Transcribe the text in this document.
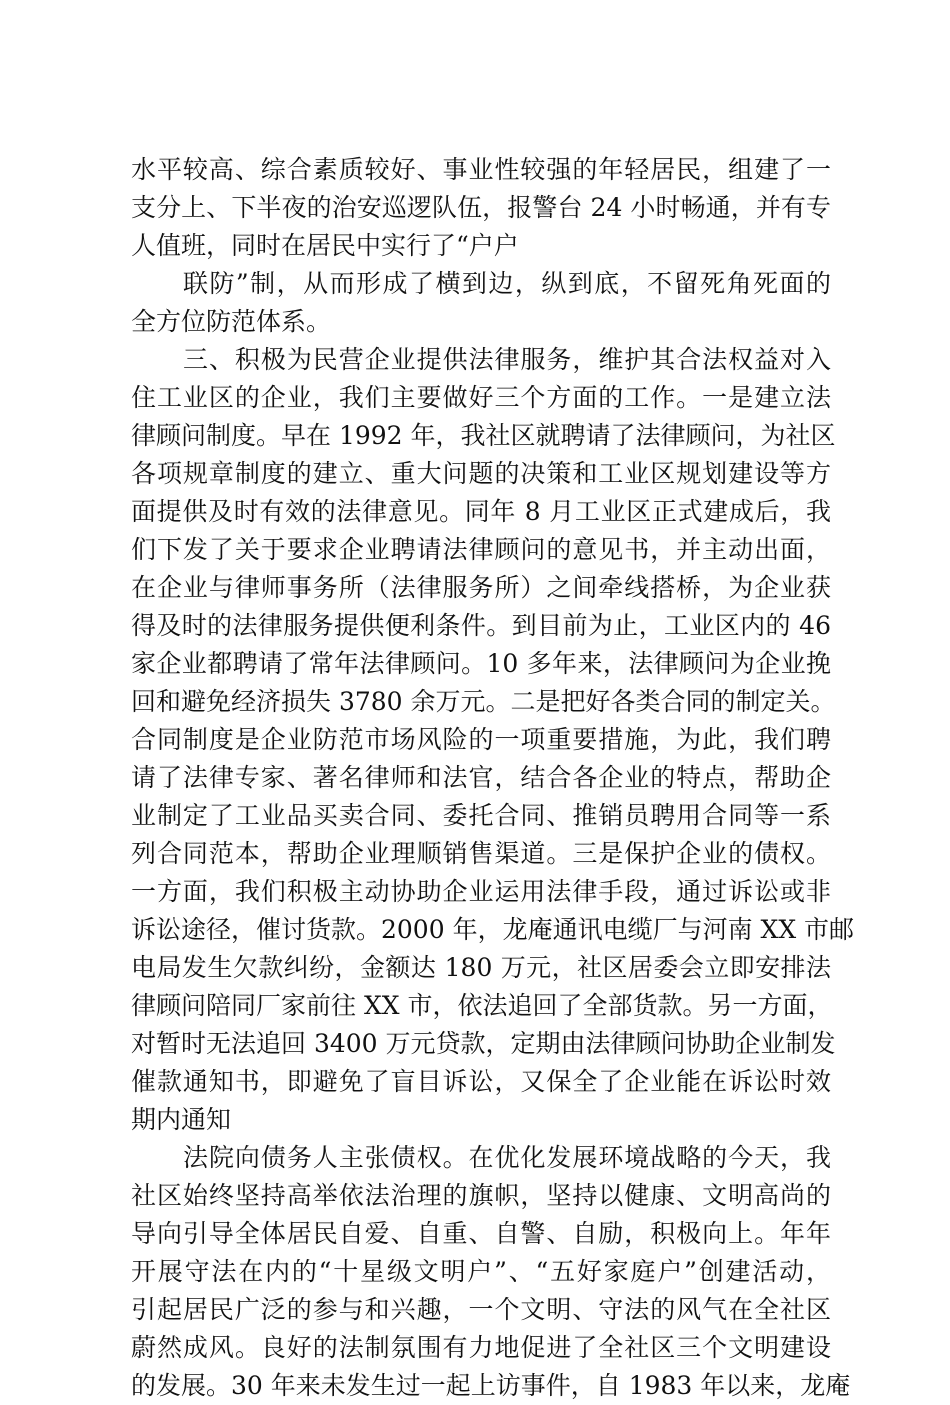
水平较高、综合素质较好、事业性较强的年轻居民，组建了一
支分上、下半夜的治安巡逻队伍，报警台 24 小时畅通，并有专
人值班，同时在居民中实行了“户户
联防”制，从而形成了横到边，纵到底，不留死角死面的
全方位防范体系。
三、积极为民营企业提供法律服务，维护其合法权益对入
住工业区的企业，我们主要做好三个方面的工作。一是建立法
律顾问制度。早在 1992 年，我社区就聘请了法律顾问，为社区
各项规章制度的建立、重大问题的决策和工业区规划建设等方
面提供及时有效的法律意见。同年 8 月工业区正式建成后，我
们下发了关于要求企业聘请法律顾问的意见书，并主动出面，
在企业与律师事务所（法律服务所）之间牵线搭桥，为企业获
得及时的法律服务提供便利条件。到目前为止，工业区内的 46
家企业都聘请了常年法律顾问。10 多年来，法律顾问为企业挽
回和避免经济损失 3780 余万元。二是把好各类合同的制定关。
合同制度是企业防范市场风险的一项重要措施，为此，我们聘
请了法律专家、著名律师和法官，结合各企业的特点，帮助企
业制定了工业品买卖合同、委托合同、推销员聘用合同等一系
列合同范本，帮助企业理顺销售渠道。三是保护企业的债权。
一方面，我们积极主动协助企业运用法律手段，通过诉讼或非
诉讼途径，催讨货款。2000 年，龙庵通讯电缆厂与河南 XX 市邮
电局发生欠款纠纷，金额达 180 万元，社区居委会立即安排法
律顾问陪同厂家前往 XX 市，依法追回了全部货款。另一方面，
对暂时无法追回 3400 万元贷款，定期由法律顾问协助企业制发
催款通知书，即避免了盲目诉讼，又保全了企业能在诉讼时效
期内通知
法院向债务人主张债权。在优化发展环境战略的今天，我
社区始终坚持高举依法治理的旗帜，坚持以健康、文明高尚的
导向引导全体居民自爱、自重、自警、自励，积极向上。年年
开展守法在内的“十星级文明户”、“五好家庭户”创建活动，
引起居民广泛的参与和兴趣，一个文明、守法的风气在全社区
蔚然成风。良好的法制氛围有力地促进了全社区三个文明建设
的发展。30 年来未发生过一起上访事件，自 1983 年以来，龙庵
